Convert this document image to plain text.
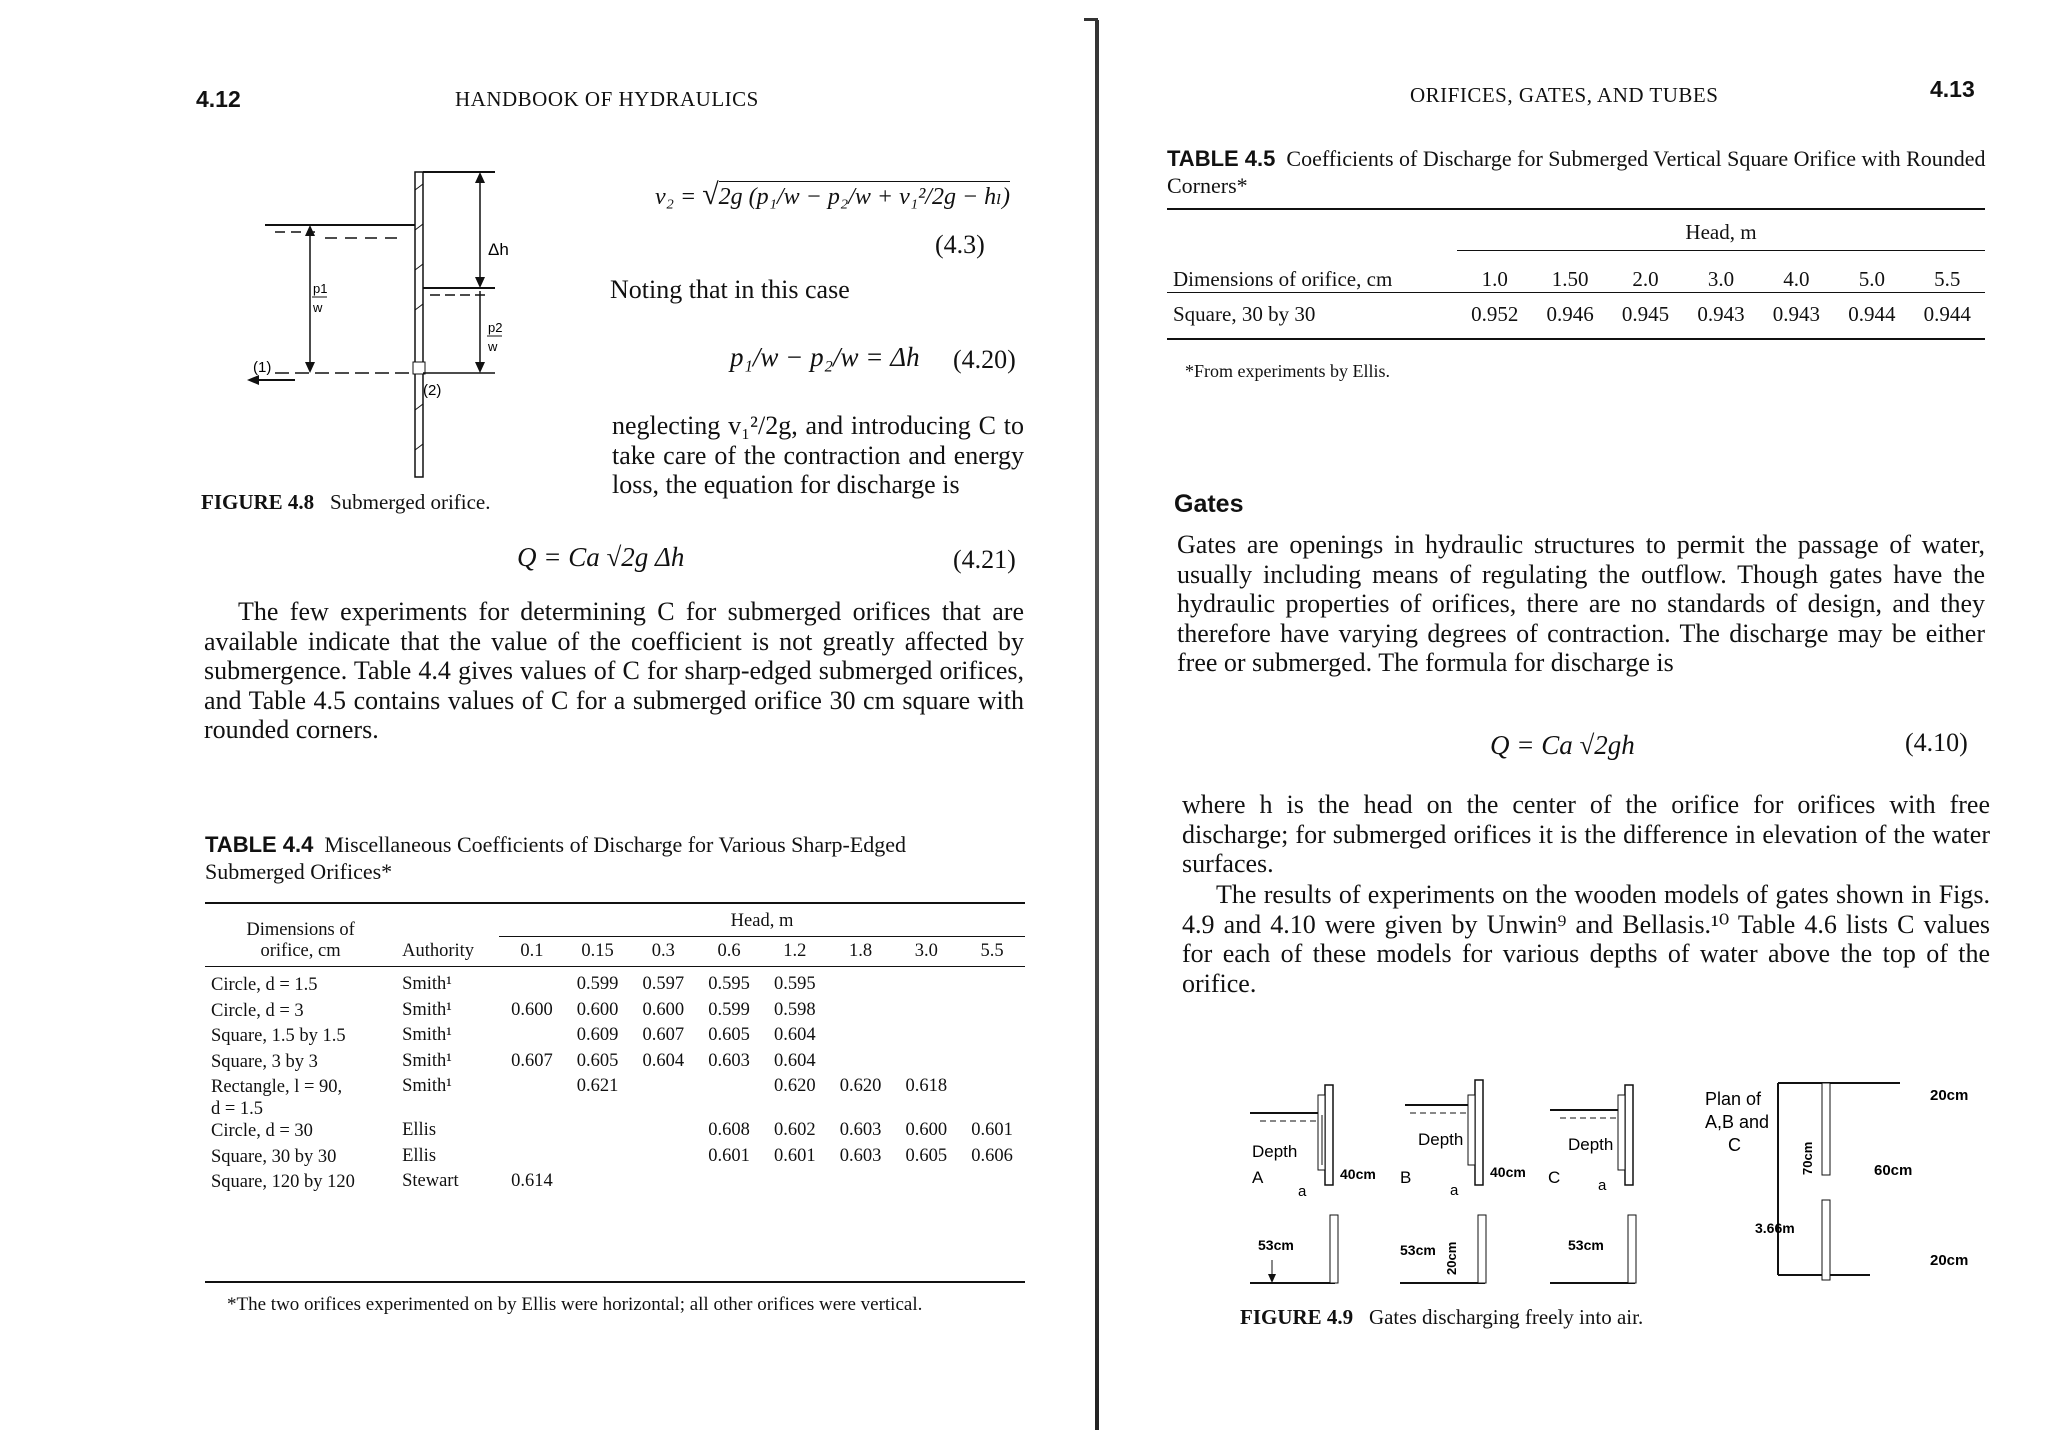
4.12	HANDBOOK OF HYDRAULICS
p1
w
(1)
(2)
Δh
p2
w
FIGURE 4.8 Submerged orifice.
v₂ = √2g (p₁/w − p₂/w + v₁²/2g − hₗ)
(4.3)
Noting that in this case
p₁/w − p₂/w = Δh (4.20)
neglecting v₁²/2g, and introducing C to take care of the contraction and energy loss, the equation for discharge is
Q = Ca √2g Δh	(4.21)
The few experiments for determining C for submerged orifices that are available indicate that the value of the coefficient is not greatly affected by submergence. Table 4.4 gives values of C for sharp-edged submerged orifices, and Table 4.5 contains values of C for a submerged orifice 30 cm square with rounded corners.
TABLE 4.4 Miscellaneous Coefficients of Discharge for Various Sharp-Edged Submerged Orifices*
Dimensions of
orifice, cm	Authority	Head, m							
		0.1	0.15	0.3	0.6	1.2	1.8	3.0	5.5

Circle, d = 1.5	Smith¹		0.599	0.597	0.595	0.595			

Circle, d = 3	Smith¹	0.600	0.600	0.600	0.599	0.598			

Square, 1.5 by 1.5	Smith¹		0.609	0.607	0.605	0.604			

Square, 3 by 3	Smith¹	0.607	0.605	0.604	0.603	0.604			

Rectangle, l = 90,
d = 1.5	Smith¹		0.621			0.620	0.620	0.618	

Circle, d = 30	Ellis				0.608	0.602	0.603	0.600	0.601

Square, 30 by 30	Ellis				0.601	0.601	0.603	0.605	0.606

Square, 120 by 120	Stewart	0.614							
*The two orifices experimented on by Ellis were horizontal; all other orifices were vertical.
ORIFICES, GATES, AND TUBES	4.13
TABLE 4.5 Coefficients of Discharge for Submerged Vertical Square Orifice with Rounded Corners*
	Head, m						
Dimensions of orifice, cm	1.0	1.50	2.0	3.0	4.0	5.0	5.5

Square, 30 by 30	0.952	0.946	0.945	0.943	0.943	0.944	0.944
*From experiments by Ellis.
Gates
Gates are openings in hydraulic structures to permit the passage of water, usually including means of regulating the outflow. Though gates have the hydraulic properties of orifices, there are no standards of design, and they therefore have varying degrees of contraction. The discharge may be either free or submerged. The formula for discharge is
Q = Ca √2gh	(4.10)
where h is the head on the center of the orifice for orifices with free discharge; for submerged orifices it is the difference in elevation of the water surfaces.
The results of experiments on the wooden models of gates shown in Figs. 4.9 and 4.10 were given by Unwin⁹ and Bellasis.¹⁰ Table 4.6 lists C values for each of these models for various depths of water above the top of the orifice.
Depth
A
a
40cm
53cm
Depth
B
a
40cm
53cm 20cm
Depth
C	a
53cm
Plan of
A,B and
C
20cm
60cm
70cm
3.66m
20cm
FIGURE 4.9 Gates discharging freely into air.
